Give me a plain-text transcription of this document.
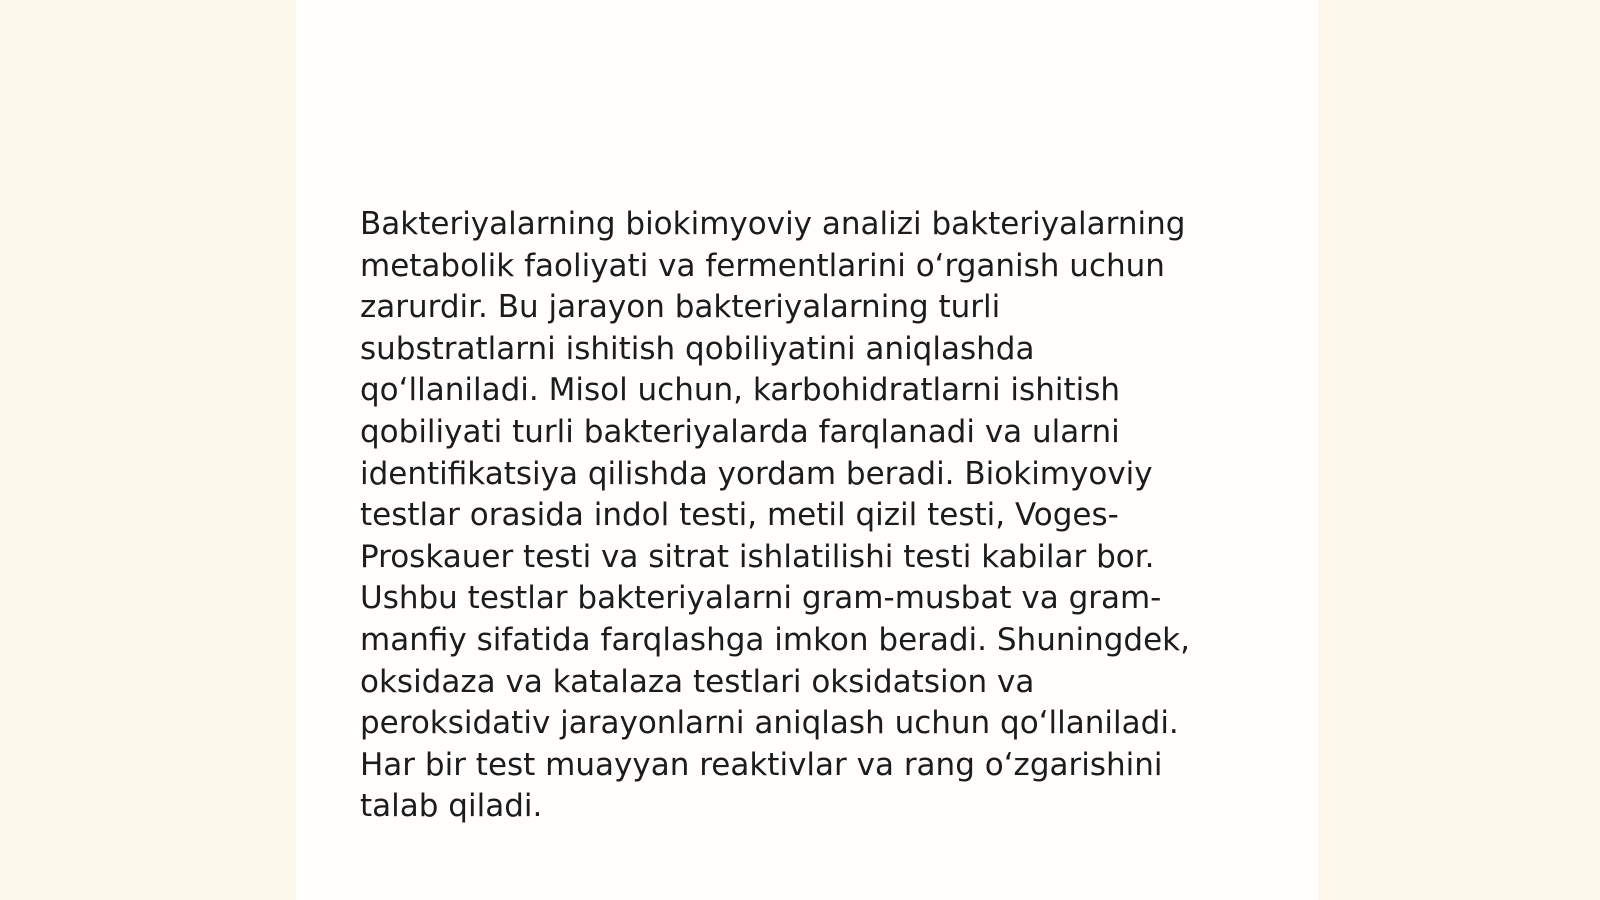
Bakteriyalarning biokimyoviy analizi bakteriyalarning
metabolik faoliyati va fermentlarini o‘rganish uchun
zarurdir. Bu jarayon bakteriyalarning turli
substratlarni ishitish qobiliyatini aniqlashda
qo‘llaniladi. Misol uchun, karbohidratlarni ishitish
qobiliyati turli bakteriyalarda farqlanadi va ularni
identifikatsiya qilishda yordam beradi. Biokimyoviy
testlar orasida indol testi, metil qizil testi, Voges-
Proskauer testi va sitrat ishlatilishi testi kabilar bor.
Ushbu testlar bakteriyalarni gram-musbat va gram-
manfiy sifatida farqlashga imkon beradi. Shuningdek,
oksidaza va katalaza testlari oksidatsion va
peroksidativ jarayonlarni aniqlash uchun qo‘llaniladi.
Har bir test muayyan reaktivlar va rang o‘zgarishini
talab qiladi.
